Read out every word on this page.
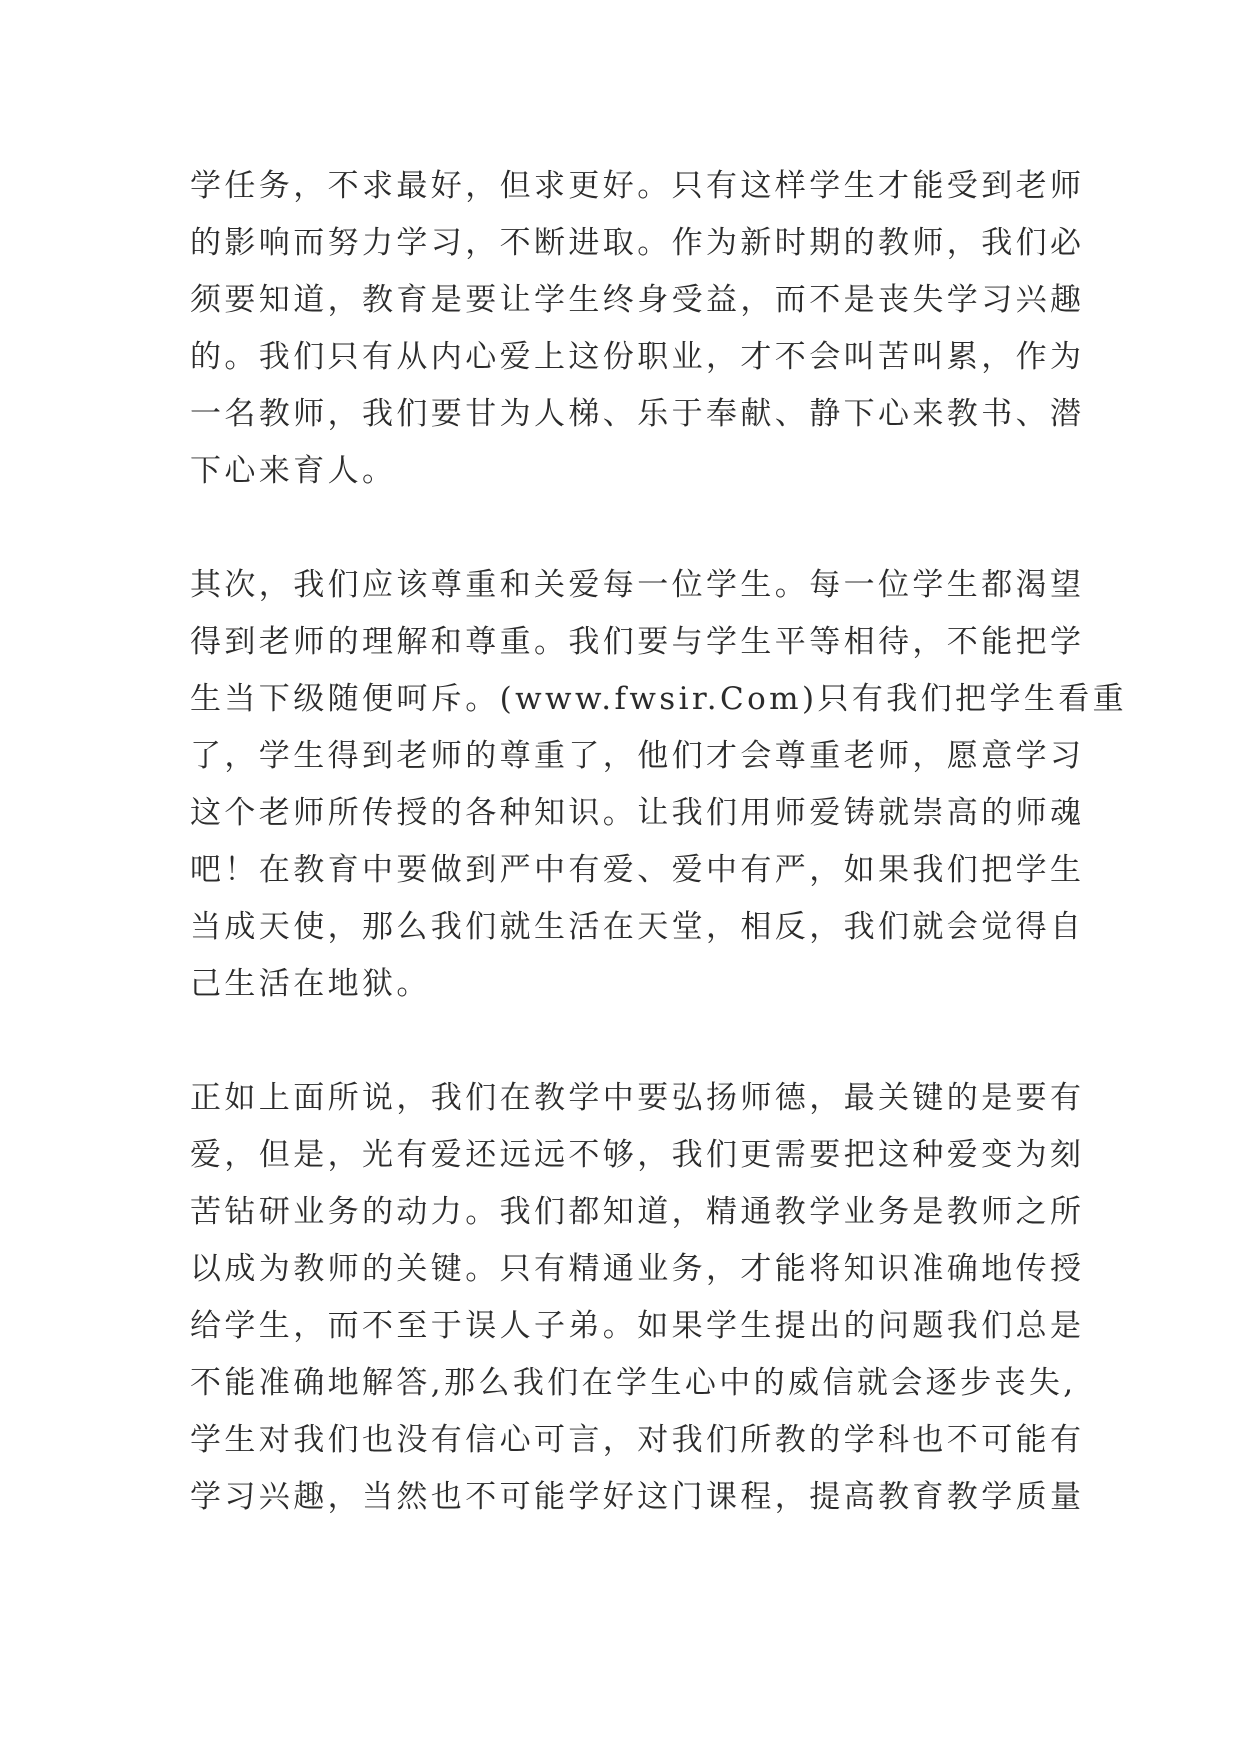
学任务，不求最好，但求更好。只有这样学生才能受到老师
的影响而努力学习，不断进取。作为新时期的教师，我们必
须要知道，教育是要让学生终身受益，而不是丧失学习兴趣
的。我们只有从内心爱上这份职业，才不会叫苦叫累，作为
一名教师，我们要甘为人梯、乐于奉献、静下心来教书、潜
下心来育人。
其次，我们应该尊重和关爱每一位学生。每一位学生都渴望
得到老师的理解和尊重。我们要与学生平等相待，不能把学
生当下级随便呵斥。(www.fwsir.Com)只有我们把学生看重
了，学生得到老师的尊重了，他们才会尊重老师，愿意学习
这个老师所传授的各种知识。让我们用师爱铸就崇高的师魂
吧！在教育中要做到严中有爱、爱中有严，如果我们把学生
当成天使，那么我们就生活在天堂，相反，我们就会觉得自
己生活在地狱。
正如上面所说，我们在教学中要弘扬师德，最关键的是要有
爱，但是，光有爱还远远不够，我们更需要把这种爱变为刻
苦钻研业务的动力。我们都知道，精通教学业务是教师之所
以成为教师的关键。只有精通业务，才能将知识准确地传授
给学生，而不至于误人子弟。如果学生提出的问题我们总是
不能准确地解答,那么我们在学生心中的威信就会逐步丧失,
学生对我们也没有信心可言，对我们所教的学科也不可能有
学习兴趣，当然也不可能学好这门课程，提高教育教学质量
